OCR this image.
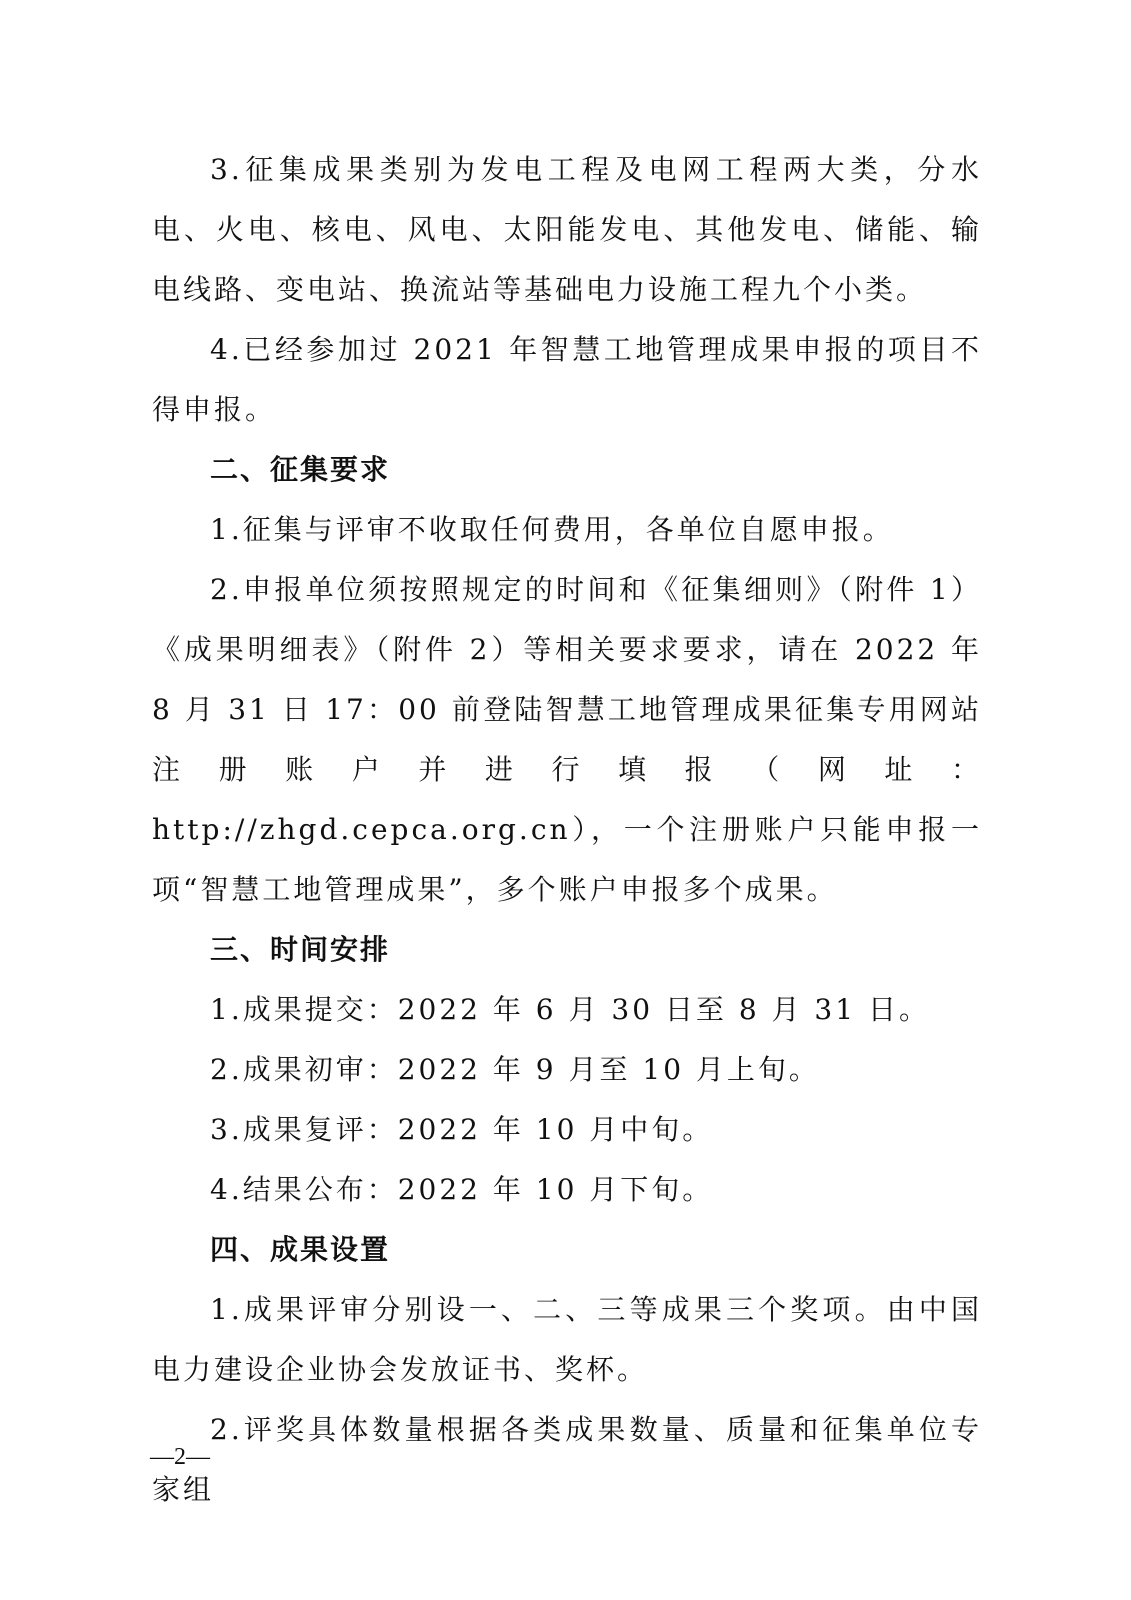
3.征集成果类别为发电工程及电网工程两大类，分水电、火电、核电、风电、太阳能发电、其他发电、储能、输电线路、变电站、换流站等基础电力设施工程九个小类。

4.已经参加过 2021 年智慧工地管理成果申报的项目不得申报。

二、征集要求

1.征集与评审不收取任何费用，各单位自愿申报。

2.申报单位须按照规定的时间和《征集细则》（附件 1）《成果明细表》（附件 2）等相关要求要求，请在 2022 年 8 月 31 日 17：00 前登陆智慧工地管理成果征集专用网站注册账户并进行填报（网址：http://zhgd.cepca.org.cn），一个注册账户只能申报一项“智慧工地管理成果”，多个账户申报多个成果。

三、时间安排

1.成果提交：2022 年 6 月 30 日至 8 月 31 日。

2.成果初审：2022 年 9 月至 10 月上旬。

3.成果复评：2022 年 10 月中旬。

4.结果公布：2022 年 10 月下旬。

四、成果设置

1.成果评审分别设一、二、三等成果三个奖项。由中国电力建设企业协会发放证书、奖杯。

2.评奖具体数量根据各类成果数量、质量和征集单位专家组

—2—
